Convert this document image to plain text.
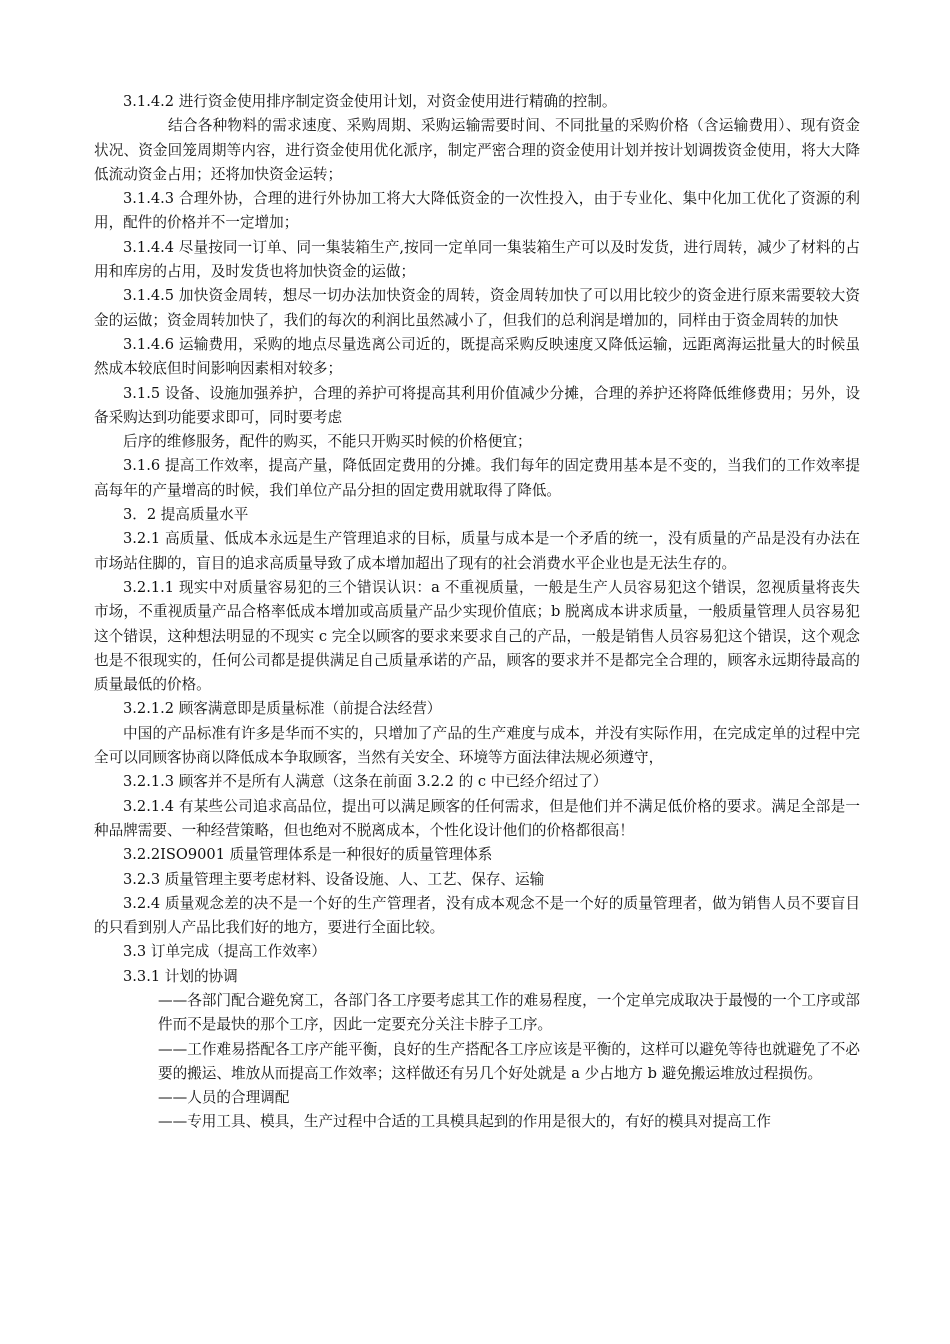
3.1.4.2 进行资金使用排序制定资金使用计划，对资金使用进行精确的控制。

结合各种物料的需求速度、采购周期、采购运输需要时间、不同批量的采购价格（含运输费用）、现有资金状况、资金回笼周期等内容，进行资金使用优化派序，制定严密合理的资金使用计划并按计划调拨资金使用，将大大降低流动资金占用；还将加快资金运转；

3.1.4.3 合理外协，合理的进行外协加工将大大降低资金的一次性投入，由于专业化、集中化加工优化了资源的利用，配件的价格并不一定增加；

3.1.4.4 尽量按同一订单、同一集装箱生产,按同一定单同一集装箱生产可以及时发货，进行周转，减少了材料的占用和库房的占用，及时发货也将加快资金的运做；

3.1.4.5 加快资金周转，想尽一切办法加快资金的周转，资金周转加快了可以用比较少的资金进行原来需要较大资金的运做；资金周转加快了，我们的每次的利润比虽然减小了，但我们的总利润是增加的，同样由于资金周转的加快

3.1.4.6 运输费用，采购的地点尽量选离公司近的，既提高采购反映速度又降低运输，远距离海运批量大的时候虽然成本较底但时间影响因素相对较多；

3.1.5 设备、设施加强养护，合理的养护可将提高其利用价值减少分摊，合理的养护还将降低维修费用；另外，设备采购达到功能要求即可，同时要考虑

后序的维修服务，配件的购买，不能只开购买时候的价格便宜；

3.1.6 提高工作效率，提高产量，降低固定费用的分摊。我们每年的固定费用基本是不变的，当我们的工作效率提高每年的产量增高的时候，我们单位产品分担的固定费用就取得了降低。

3．2 提高质量水平

3.2.1 高质量、低成本永远是生产管理追求的目标，质量与成本是一个矛盾的统一，没有质量的产品是没有办法在市场站住脚的，盲目的追求高质量导致了成本增加超出了现有的社会消费水平企业也是无法生存的。

3.2.1.1 现实中对质量容易犯的三个错误认识：a 不重视质量，一般是生产人员容易犯这个错误，忽视质量将丧失市场，不重视质量产品合格率低成本增加或高质量产品少实现价值底；b 脱离成本讲求质量，一般质量管理人员容易犯这个错误，这种想法明显的不现实 c 完全以顾客的要求来要求自己的产品，一般是销售人员容易犯这个错误，这个观念也是不很现实的，任何公司都是提供满足自己质量承诺的产品，顾客的要求并不是都完全合理的，顾客永远期待最高的质量最低的价格。

3.2.1.2 顾客满意即是质量标准（前提合法经营）

中国的产品标准有许多是华而不实的，只增加了产品的生产难度与成本，并没有实际作用，在完成定单的过程中完全可以同顾客协商以降低成本争取顾客，当然有关安全、环境等方面法律法规必须遵守，

3.2.1.3 顾客并不是所有人满意（这条在前面 3.2.2 的 c 中已经介绍过了）

3.2.1.4 有某些公司追求高品位，提出可以满足顾客的任何需求，但是他们并不满足低价格的要求。满足全部是一种品牌需要、一种经营策略，但也绝对不脱离成本，个性化设计他们的价格都很高！

3.2.2ISO9001 质量管理体系是一种很好的质量管理体系

3.2.3 质量管理主要考虑材料、设备设施、人、工艺、保存、运输

3.2.4 质量观念差的决不是一个好的生产管理者，没有成本观念不是一个好的质量管理者，做为销售人员不要盲目的只看到别人产品比我们好的地方，要进行全面比较。

3.3 订单完成（提高工作效率）

3.3.1 计划的协调

——各部门配合避免窝工，各部门各工序要考虑其工作的难易程度，一个定单完成取决于最慢的一个工序或部件而不是最快的那个工序，因此一定要充分关注卡脖子工序。

——工作难易搭配各工序产能平衡，良好的生产搭配各工序应该是平衡的，这样可以避免等待也就避免了不必要的搬运、堆放从而提高工作效率；这样做还有另几个好处就是 a 少占地方 b 避免搬运堆放过程损伤。

——人员的合理调配

——专用工具、模具，生产过程中合适的工具模具起到的作用是很大的，有好的模具对提高工作
